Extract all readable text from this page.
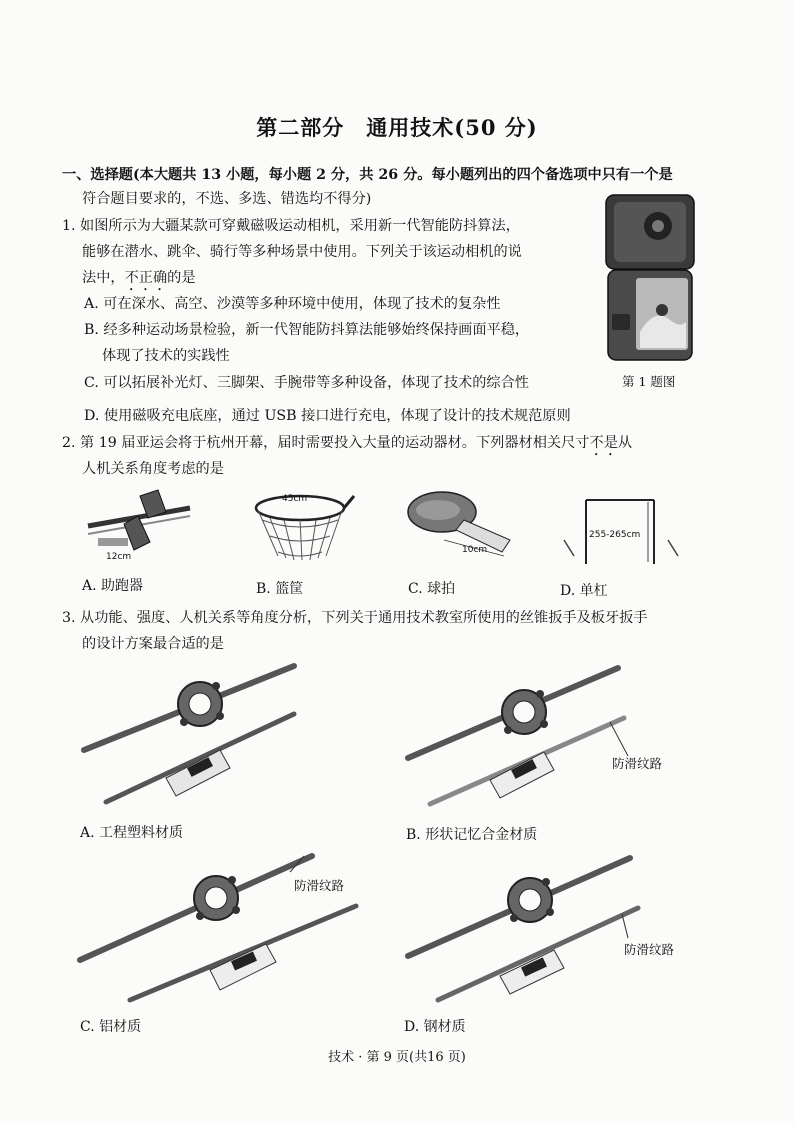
第二部分　通用技术(50 分)
一、选择题(本大题共 13 小题，每小题 2 分，共 26 分。每小题列出的四个备选项中只有一个是
符合题目要求的，不选、多选、错选均不得分)
1. 如图所示为大疆某款可穿戴磁吸运动相机，采用新一代智能防抖算法，
能够在潜水、跳伞、骑行等多种场景中使用。下列关于该运动相机的说
法中，不正确的是
A. 可在深水、高空、沙漠等多种环境中使用，体现了技术的复杂性
B. 经多种运动场景检验，新一代智能防抖算法能够始终保持画面平稳，
体现了技术的实践性
C. 可以拓展补光灯、三脚架、手腕带等多种设备，体现了技术的综合性
D. 使用磁吸充电底座，通过 USB 接口进行充电，体现了设计的技术规范原则
第 1 题图
2. 第 19 届亚运会将于杭州开幕，届时需要投入大量的运动器材。下列器材相关尺寸不是从
人机关系角度考虑的是
12cm
45cm
10cm
255-265cm
A. 助跑器	B. 篮筐	C. 球拍	D. 单杠
3. 从功能、强度、人机关系等角度分析，下列关于通用技术教室所使用的丝锥扳手及板牙扳手
的设计方案最合适的是
防滑纹路
A. 工程塑料材质	B. 形状记忆合金材质
防滑纹路
防滑纹路
C. 铝材质	D. 钢材质
技术 · 第 9 页(共16 页)
